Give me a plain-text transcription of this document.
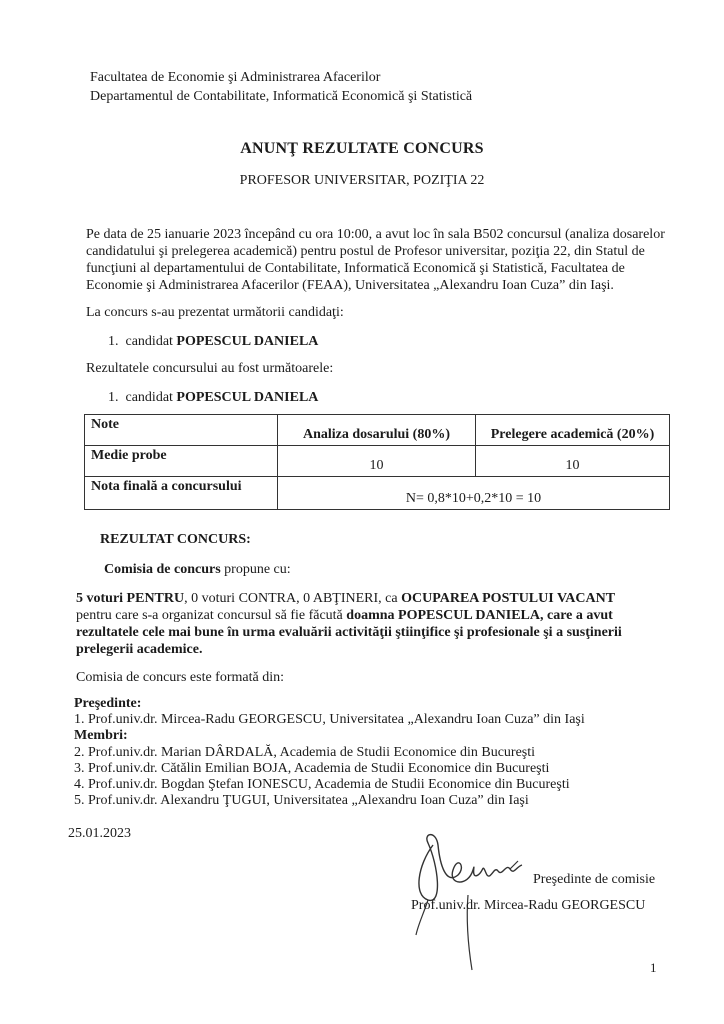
Facultatea de Economie şi Administrarea Afacerilor
Departamentul de Contabilitate, Informatică Economică şi Statistică
ANUNŢ REZULTATE CONCURS
PROFESOR UNIVERSITAR, POZIŢIA 22
Pe data de 25 ianuarie 2023 începând cu ora 10:00, a avut loc în sala B502 concursul (analiza dosarelor
candidatului şi prelegerea academică) pentru postul de Profesor universitar, poziţia 22, din Statul de
funcţiuni al departamentului de Contabilitate, Informatică Economică şi Statistică, Facultatea de
Economie şi Administrarea Afacerilor (FEAA), Universitatea „Alexandru Ioan Cuza” din Iaşi.
La concurs s-au prezentat următorii candidaţi:
1. candidat POPESCUL DANIELA
Rezultatele concursului au fost următoarele:
1. candidat POPESCUL DANIELA
Note	Analiza dosarului (80%)	Prelegere academică (20%)
Medie probe	10	10
Nota finală a concursului	N= 0,8*10+0,2*10 = 10	
REZULTAT CONCURS:
Comisia de concurs propune cu:
5 voturi PENTRU, 0 voturi CONTRA, 0 ABŢINERI, ca OCUPAREA POSTULUI VACANT
pentru care s-a organizat concursul să fie făcută doamna POPESCUL DANIELA, care a avut
rezultatele cele mai bune în urma evaluării activităţii ştiinţifice şi profesionale şi a susţinerii
prelegerii academice.
Comisia de concurs este formată din:
Preşedinte:
1. Prof.univ.dr. Mircea-Radu GEORGESCU, Universitatea „Alexandru Ioan Cuza” din Iaşi
Membri:
2. Prof.univ.dr. Marian DÂRDALĂ, Academia de Studii Economice din Bucureşti
3. Prof.univ.dr. Cătălin Emilian BOJA, Academia de Studii Economice din Bucureşti
4. Prof.univ.dr. Bogdan Ştefan IONESCU, Academia de Studii Economice din Bucureşti
5. Prof.univ.dr. Alexandru ŢUGUI, Universitatea „Alexandru Ioan Cuza” din Iaşi
25.01.2023
Preşedinte de comisie
Prof.univ.dr. Mircea-Radu GEORGESCU
1
